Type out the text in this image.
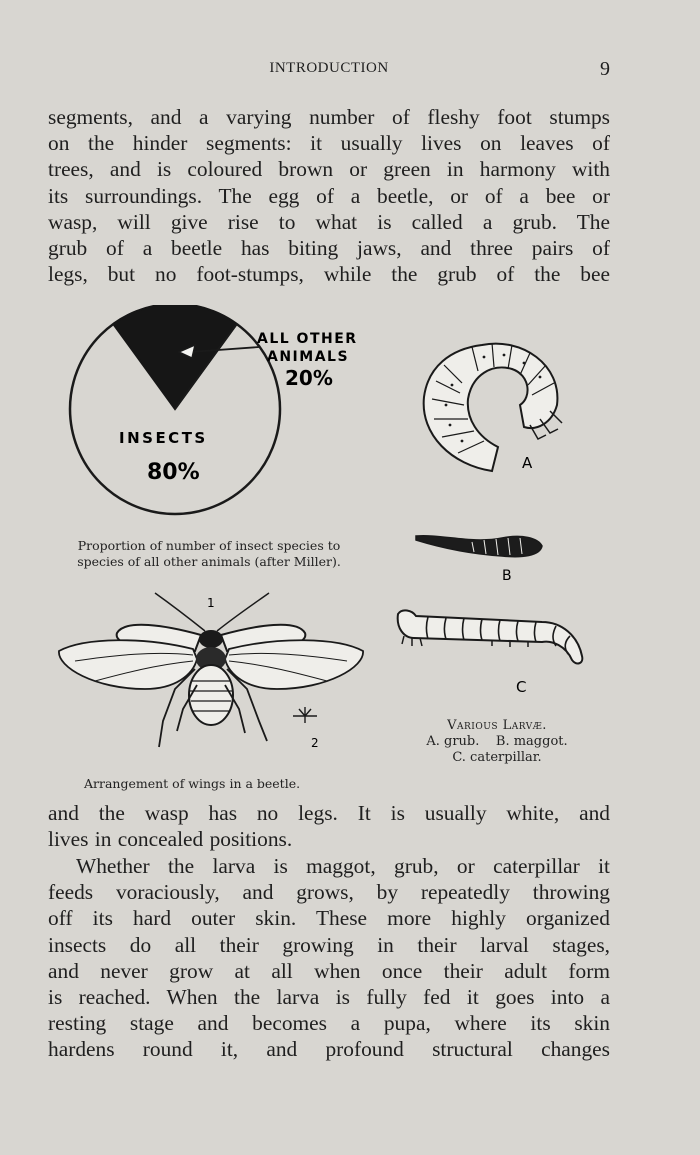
INTRODUCTION	9
segments, and a varying number of fleshy foot stumps
on the hinder segments: it usually lives on leaves of
trees, and is coloured brown or green in harmony with
its surroundings. The egg of a beetle, or of a bee or
wasp, will give rise to what is called a grub. The
grub of a beetle has biting jaws, and three pairs of
legs, but no foot-stumps, while the grub of the bee
ALL OTHER
ANIMALS
20%
INSECTS
80%
Proportion of number of insect species to
species of all other animals (after Miller).
A
B
C
1
2
Arrangement of wings in a beetle.
Various Larvæ.
A. grub.    B. maggot.
C. caterpillar.
and the wasp has no legs. It is usually white, and
lives in concealed positions.
Whether the larva is maggot, grub, or caterpillar it
feeds voraciously, and grows, by repeatedly throwing
off its hard outer skin. These more highly organized
insects do all their growing in their larval stages,
and never grow at all when once their adult form
is reached. When the larva is fully fed it goes into a
resting stage and becomes a pupa, where its skin
hardens round it, and profound structural changes
